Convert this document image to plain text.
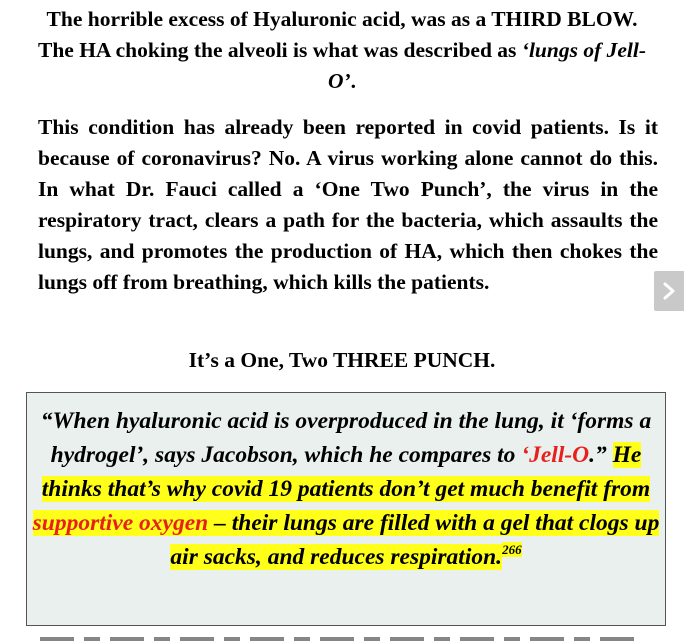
The horrible excess of Hyaluronic acid, was as a THIRD BLOW. The HA choking the alveoli is what was described as ‘lungs of Jell-O’.

This condition has already been reported in covid patients. Is it because of coronavirus? No. A virus working alone cannot do this. In what Dr. Fauci called a ‘One Two Punch’, the virus in the respiratory tract, clears a path for the bacteria, which assaults the lungs, and promotes the production of HA, which then chokes the lungs off from breathing, which kills the patients.

It’s a One, Two THREE PUNCH.

“When hyaluronic acid is overproduced in the lung, it ‘forms a hydrogel’, says Jacobson, which he compares to ‘Jell-O.” He thinks that’s why covid 19 patients don’t get much benefit from supportive oxygen – their lungs are filled with a gel that clogs up air sacks, and reduces respiration.$^{266}$
